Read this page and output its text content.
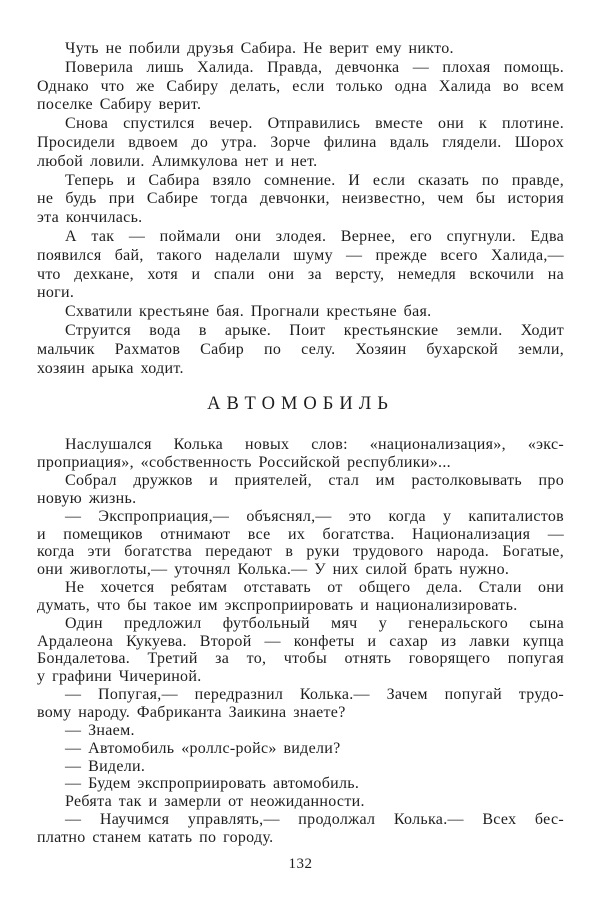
Чуть не побили друзья Сабира. Не верит ему никто.
Поверила лишь Халида. Правда, девчонка — плохая помощь.
Однако что же Сабиру делать, если только одна Халида во всем
поселке Сабиру верит.
Снова спустился вечер. Отправились вместе они к плотине.
Просидели вдвоем до утра. Зорче филина вдаль глядели. Шорох
любой ловили. Алимкулова нет и нет.
Теперь и Сабира взяло сомнение. И если сказать по правде,
не будь при Сабире тогда девчонки, неизвестно, чем бы история
эта кончилась.
А так — поймали они злодея. Вернее, его спугнули. Едва
появился бай, такого наделали шуму — прежде всего Халида,—
что дехкане, хотя и спали они за версту, немедля вскочили на
ноги.
Схватили крестьяне бая. Прогнали крестьяне бая.
Струится вода в арыке. Поит крестьянские земли. Ходит
мальчик Рахматов Сабир по селу. Хозяин бухарской земли,
хозяин арыка ходит.
АВТОМОБИЛЬ
Наслушался Колька новых слов: «национализация», «экс-
проприация», «собственность Российской республики»...
Собрал дружков и приятелей, стал им растолковывать про
новую жизнь.
— Экспроприация,— объяснял,— это когда у капиталистов
и помещиков отнимают все их богатства. Национализация —
когда эти богатства передают в руки трудового народа. Богатые,
они живоглоты,— уточнял Колька.— У них силой брать нужно.
Не хочется ребятам отставать от общего дела. Стали они
думать, что бы такое им экспроприировать и национализировать.
Один предложил футбольный мяч у генеральского сына
Ардалеона Кукуева. Второй — конфеты и сахар из лавки купца
Бондалетова. Третий за то, чтобы отнять говорящего попугая
у графини Чичериной.
— Попугая,— передразнил Колька.— Зачем попугай трудо-
вому народу. Фабриканта Заикина знаете?
— Знаем.
— Автомобиль «роллс-ройс» видели?
— Видели.
— Будем экспроприировать автомобиль.
Ребята так и замерли от неожиданности.
— Научимся управлять,— продолжал Колька.— Всех бес-
платно станем катать по городу.
132
